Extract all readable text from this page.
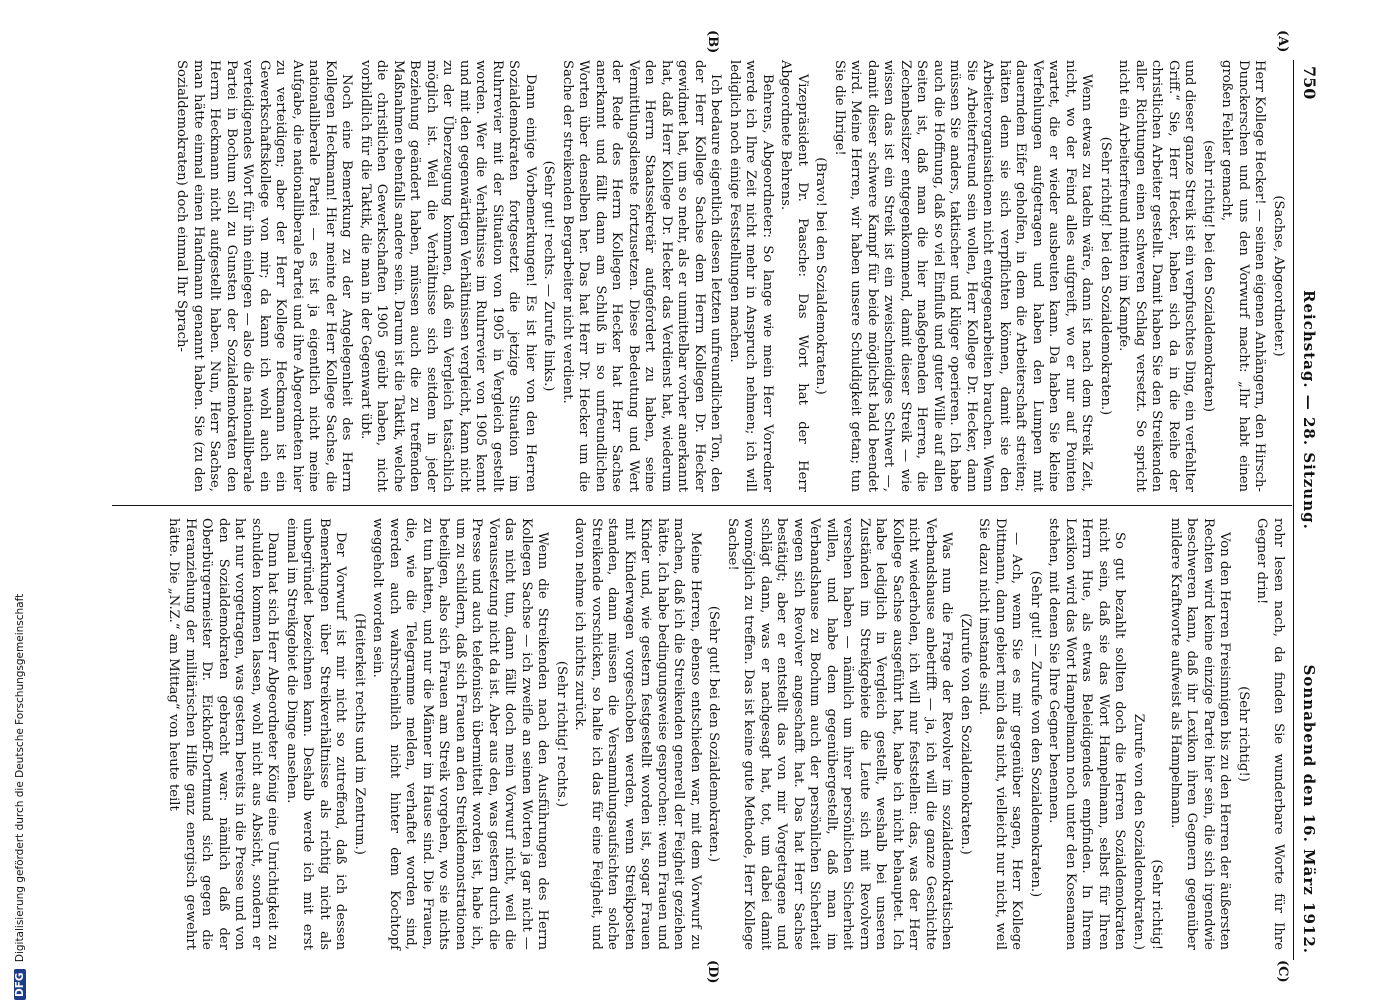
750
Reichstag. — 28. Sitzung.
Sonnabend den 16. März 1912.
(A)
(B)
(C)
(D)

(Sachse, Abgeordneter.)

Herr Kollege Hecker! — seinen eigenen Anhängern, den Hirsch-Dunckerschen und uns den Vorwurf macht: „Ihr habt einen großen Fehler gemacht,

(sehr richtig! bei den Sozialdemokraten)

und dieser ganze Streik ist ein verpfuschtes Ding, ein verfehlter Griff.“ Sie, Herr Hecker, haben sich da in die Reihe der christlichen Arbeiter gestellt. Damit haben Sie den Streikenden aller Richtungen einen schweren Schlag versetzt. So spricht nicht ein Arbeiterfreund mitten im Kampfe.

(Sehr richtig! bei den Sozialdemokraten.)

Wenn etwas zu tadeln wäre, dann ist nach dem Streik Zeit, nicht, wo der Feind alles aufgreift, wo er nur auf Pointen wartet, die er wieder ausbeuten kann. Da haben Sie kleine Verfehlungen aufgetragen und haben den Lumpen mit dauerndem Eifer geholfen, in dem die Arbeiterschaft streiten; hätten denn sie sich verpflichten können, damit sie den Arbeiterorganisationen nicht entgegenarbeiten brauchen. Wenn Sie Arbeiterfreund sein wollen, Herr Kollege Dr. Hecker, dann müssen Sie anders, taktischer und klüger operieren. Ich habe auch die Hoffnung, daß so viel Einfluß und guter Wille auf allen Seiten ist, daß man die hier maßgebenden Herren, die Zechenbesitzer entgegenkommend, damit dieser Streik — wie wissen das ist ein Streik ist ein zweischneidiges Schwert —, damit dieser schwere Kampf für beide möglichst bald beendet wird. Meine Herren, wir haben unsere Schuldigkeit getan; tun Sie die Ihrige!

(Bravo! bei den Sozialdemokraten.)

Vizepräsident Dr. Paasche: Das Wort hat der Herr Abgeordnete Behrens.

Behrens, Abgeordneter: So lange wie mein Herr Vorredner werde ich Ihre Zeit nicht mehr in Anspruch nehmen; ich will lediglich noch einige Feststellungen machen.

Ich bedaure eigentlich diesen letzten unfreundlichen Ton, den der Herr Kollege Sachse dem Herrn Kollegen Dr. Hecker gewidmet hat, um so mehr, als er unmittelbar vorher anerkannt hat, daß Herr Kollege Dr. Hecker das Verdienst hat, wiederum den Herrn Staatssekretär aufgefordert zu haben, seine Vermittlungsdienste fortzusetzen. Diese Bedeutung und Wert der Rede des Herrn Kollegen Hecker hat Herr Sachse anerkannt und fällt dann am Schluß in so unfreundlichen Worten über denselben her. Das hat Herr Dr. Hecker um die Sache der streikenden Bergarbeiter nicht verdient.

(Sehr gut! rechts. — Zurufe links.)

Dann einige Vorbemerkungen! Es ist hier von den Herren Sozialdemokraten fortgesetzt die jetzige Situation im Ruhrrevier mit der Situation von 1905 in Vergleich gestellt worden. Wer die Verhältnisse im Ruhrrevier von 1905 kennt und mit den gegenwärtigen Verhältnissen vergleicht, kann nicht zu der Überzeugung kommen, daß ein Vergleich tatsächlich möglich ist. Weil die Verhältnisse sich seitdem in jeder Beziehung geändert haben, müssen auch die zu treffenden Maßnahmen ebenfalls andere sein. Darum ist die Taktik, welche die christlichen Gewerkschaften 1905 geübt haben, nicht vorbildlich für die Taktik, die man in der Gegenwart übt.

Noch eine Bemerkung zu der Angelegenheit des Herrn Kollegen Heckmann! Hier meinte der Herr Kollege Sachse, die nationalliberale Partei — es ist ja eigentlich nicht meine Aufgabe, die nationalliberale Partei und ihre Abgeordneten hier zu verteidigen; aber der Herr Kollege Heckmann ist ein Gewerkschaftskollege von mir; da kann ich wohl auch ein verteidigendes Wort für ihn einlegen — also die nationalliberale Partei in Bochum soll zu Gunsten der Sozialdemokraten den Herrn Heckmann nicht aufgestellt haben. Nun, Herr Sachse, man hätte einmal einen Handmann genannt haben. Sie (zu den Sozialdemokraten) doch einmal Ihr Sprach-

rohr lesen nach, da finden Sie wunderbare Worte für Ihre Gegner drin!

(Sehr richtig!)

Von den Herren Freisinnigen bis zu den Herren der äußersten Rechten wird keine einzige Partei hier sein, die sich irgendwie beschweren kann, daß ihr Lexikon ihren Gegnern gegenüber mildere Kraftworte aufweist als Hampelmann.

(Sehr richtig!

Zurufe von den Sozialdemokraten.)

So gut bezahlt sollten doch die Herren Sozialdemokraten nicht sein, daß sie das Wort Hampelmann, selbst für Ihren Herrn Hue, als etwas Beleidigendes empfinden. In Ihrem Lexikon wird das Wort Hampelmann noch unter den Kosenamen stehen, mit denen Sie Ihre Gegner benennen.

(Sehr gut! — Zurufe von den Sozialdemokraten.)

— Ach, wenn Sie es mir gegenüber sagen, Herr Kollege Dittmann, dann gebiert mich das nicht, vielleicht nur nicht, weil Sie dazu nicht imstande sind.

(Zurufe von den Sozialdemokraten.)

Was nun die Frage der Revolver im sozialdemokratischen Verbandshause anbetrifft — ja, ich will die ganze Geschichte nicht wiederholen, ich will nur feststellen: das, was der Herr Kollege Sachse ausgeführt hat, habe ich nicht behauptet. Ich habe lediglich in Vergleich gestellt, weshalb bei unseren Zuständen im Streikgebiete die Leute sich mit Revolvern versehen haben — nämlich um ihrer persönlichen Sicherheit willen, und habe dem gegenübergestellt, daß man im Verbandshause zu Bochum auch der persönlichen Sicherheit wegen sich Revolver angeschafft hat. Das hat Herr Sachse bestätigt; aber er entstellt das von mir Vorgetragene und schlägt dann, was er nachgesagt hat, tot, um dabei damit womöglich zu treffen. Das ist keine gute Methode, Herr Kollege Sachse!

(Sehr gut! bei den Sozialdemokraten.)

Meine Herren, ebenso entschieden war, mit dem Vorwurf zu machen, daß ich die Streikenden generell der Feigheit geziehen hätte. Ich habe bedingungsweise gesprochen: wenn Frauen und Kinder und, wie gestern festgestellt worden ist, sogar Frauen mit Kinderwagen vorgeschoben werden, wenn Streikposten standen, dann müssen die Versammlungsaufsichten solche Streikende vorschicken, so halte ich das für eine Feigheit, und davon nehme ich nichts zurück.

(Sehr richtig! rechts.)

Wenn die Streikenden nach den Ausführungen des Herrn Kollegen Sachse — ich zweifle an seinen Worten ja gar nicht — das nicht tun, dann fällt doch mein Vorwurf nicht, weil die Voraussetzung nicht da ist. Aber aus den, was gestern durch die Presse und auch telefonisch übermittelt worden ist, habe ich, um zu schildern, daß sich Frauen an den Streikdemonstrationen beteiligen, also sich Frauen am Streik vorgehen, wo sie nichts zu tun hatten, und nur die Männer im Hause sind. Die Frauen, die, wie die Telegramme melden, verhaftet worden sind, werden auch wahrscheinlich nicht hinter dem Kochtopf weggeholt worden sein.

(Heiterkeit rechts und im Zentrum.)

Der Vorwurf ist mir nicht so zutreffend, daß ich dessen Bemerkungen über Streikverhältnisse als richtig nicht als unbegründet bezeichnen kann. Deshalb werde ich mit erst einmal im Streikgebiet die Dinge ansehen.

Dann hat sich Herr Abgeordneter König eine Unrichtigkeit zu schulden kommen lassen, wohl nicht aus Absicht, sondern er hat nur vorgetragen, was gestern bereits in die Presse und von den Sozialdemokraten gebracht war: nämlich daß der Oberbürgermeister Dr. Eickhoff-Dortmund sich gegen die Heranziehung der militärischen Hilfe ganz energisch gewehrt hätte. Die „N.Z.“ am Mittag“ von heute teilt

DFG Digitalisierung gefördert durch die Deutsche Forschungsgemeinschaft
